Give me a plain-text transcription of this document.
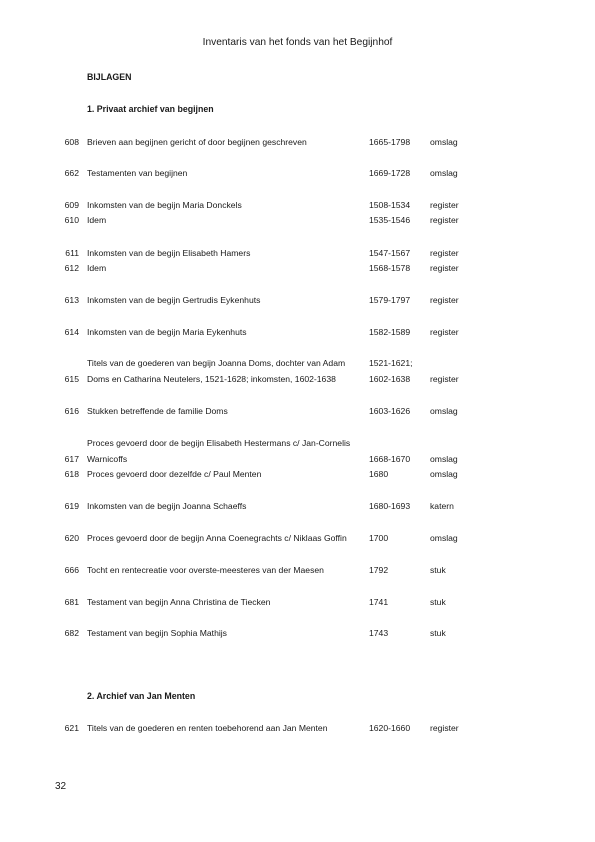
Inventaris van het fonds van het Begijnhof
BIJLAGEN
1. Privaat archief van begijnen
608 Brieven aan begijnen gericht of door begijnen geschreven	1665-1798 omslag
662 Testamenten van begijnen	1669-1728 omslag
609 Inkomsten van de begijn Maria Donckels	1508-1534 register
610 Idem	1535-1546 register
611 Inkomsten van de begijn Elisabeth Hamers	1547-1567 register
612 Idem	1568-1578 register
613 Inkomsten van de begijn Gertrudis Eykenhuts	1579-1797 register
614 Inkomsten van de begijn Maria Eykenhuts	1582-1589 register
Titels van de goederen van begijn Joanna Doms, dochter van Adam	1521-1621;
615 Doms en Catharina Neutelers, 1521-1628; inkomsten, 1602-1638	1602-1638 register
616 Stukken betreffende de familie Doms	1603-1626 omslag
Proces gevoerd door de begijn Elisabeth Hestermans c/ Jan-Cornelis
617 Warnicoffs	1668-1670 omslag
618 Proces gevoerd door dezelfde c/ Paul Menten	1680	omslag
619 Inkomsten van de begijn Joanna Schaeffs	1680-1693 katern
620 Proces gevoerd door de begijn Anna Coenegrachts c/ Niklaas Goffin	1700	omslag
666 Tocht en rentecreatie voor overste-meesteres van der Maesen	1792	stuk
681 Testament van begijn Anna Christina de Tiecken	1741	stuk
682 Testament van begijn Sophia Mathijs	1743	stuk
2. Archief van Jan Menten
621 Titels van de goederen en renten toebehorend aan Jan Menten	1620-1660 register
32
